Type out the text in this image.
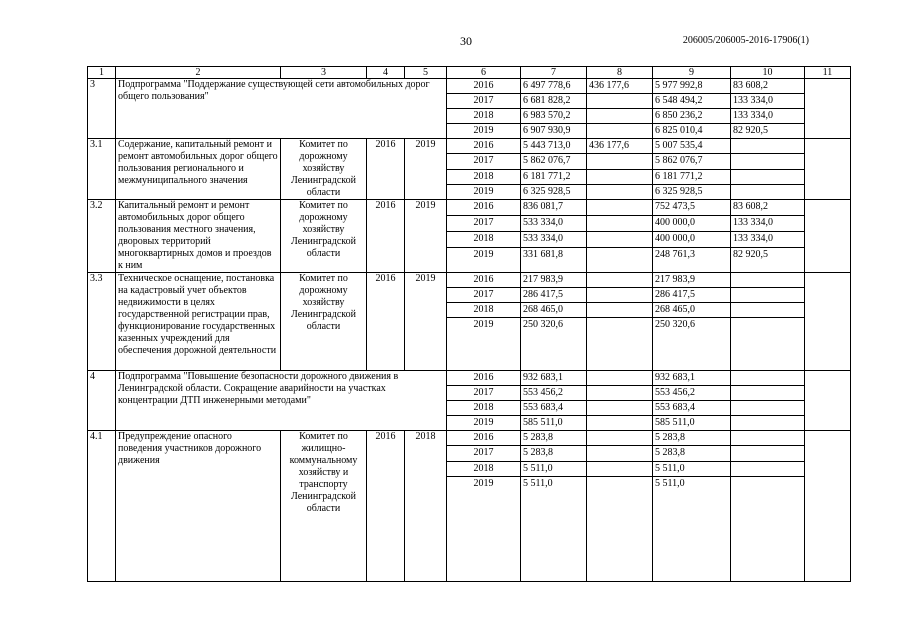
30	206005/206005-2016-17906(1)
1	2	3	4	5	6	7	8	9	10	11
3	Подпрограмма "Поддержание существующей сети автомобильных дорог общего пользования"				2016	6 497 778,6	436 177,6	5 977 992,8	83 608,2	
					2017	6 681 828,2		6 548 494,2	133 334,0	
					2018	6 983 570,2		6 850 236,2	133 334,0	
					2019	6 907 930,9		6 825 010,4	82 920,5	
3.1	Содержание, капитальный ремонт и ремонт автомобильных дорог общего пользования регионального и межмуниципального значения	Комитет по дорожному хозяйству Ленинградской области	2016	2019	2016	5 443 713,0	436 177,6	5 007 535,4		
					2017	5 862 076,7		5 862 076,7		
					2018	6 181 771,2		6 181 771,2		
					2019	6 325 928,5		6 325 928,5		
3.2	Капитальный ремонт и ремонт автомобильных дорог общего пользования местного значения, дворовых территорий многоквартирных домов и проездов к ним	Комитет по дорожному хозяйству Ленинградской области	2016	2019	2016	836 081,7		752 473,5	83 608,2	
					2017	533 334,0		400 000,0	133 334,0	
					2018	533 334,0		400 000,0	133 334,0	
					2019	331 681,8		248 761,3	82 920,5	
3.3	Техническое оснащение, постановка на кадастровый учет объектов недвижимости в целях государственной регистрации прав, функционирование государственных казенных учреждений для обеспечения дорожной деятельности	Комитет по дорожному хозяйству Ленинградской области	2016	2019	2016	217 983,9		217 983,9		
					2017	286 417,5		286 417,5		
					2018	268 465,0		268 465,0		
					2019	250 320,6		250 320,6		
4	Подпрограмма "Повышение безопасности дорожного движения в Ленинградской области. Сокращение аварийности на участках концентрации ДТП инженерными методами"				2016	932 683,1		932 683,1		
					2017	553 456,2		553 456,2		
					2018	553 683,4		553 683,4		
					2019	585 511,0		585 511,0		
4.1	Предупреждение опасного поведения участников дорожного движения	Комитет по жилищно-коммунальному хозяйству и транспорту Ленинградской области	2016	2018	2016	5 283,8		5 283,8		
					2017	5 283,8		5 283,8		
					2018	5 511,0		5 511,0		
					2019	5 511,0		5 511,0		
